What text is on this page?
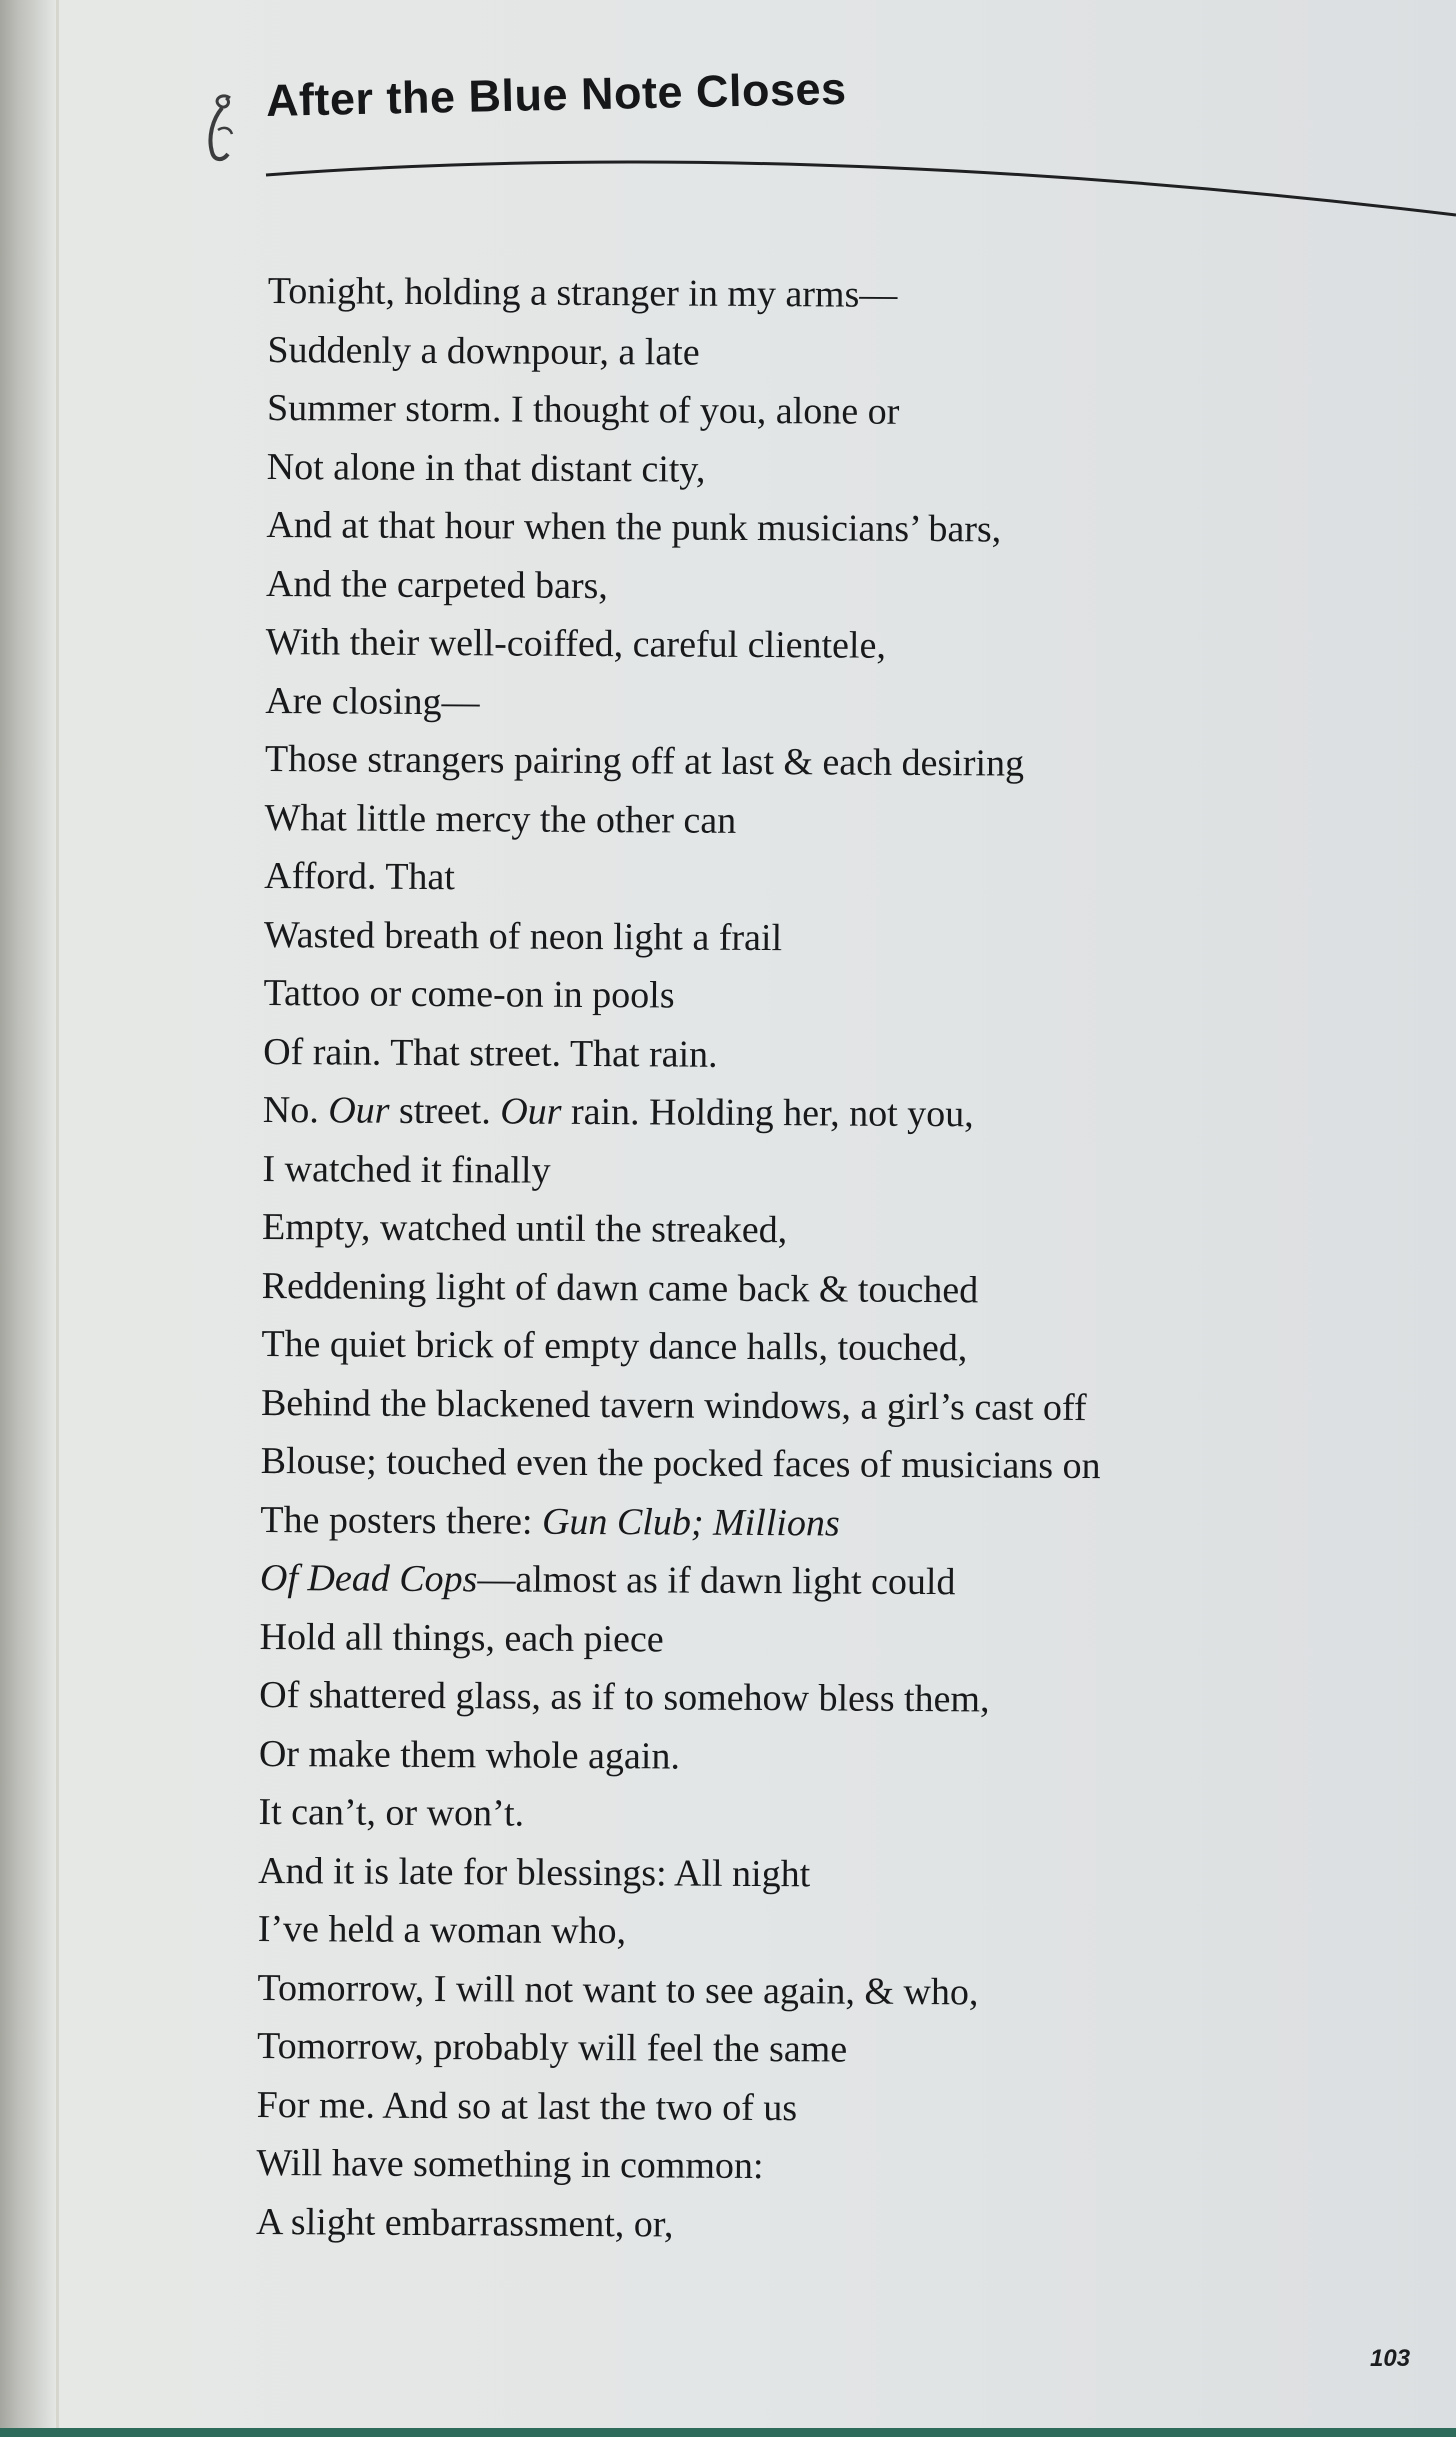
After the Blue Note Closes
Tonight, holding a stranger in my arms—
Suddenly a downpour, a late
Summer storm. I thought of you, alone or
Not alone in that distant city,
And at that hour when the punk musicians’ bars,
And the carpeted bars,
With their well-coiffed, careful clientele,
Are closing—
Those strangers pairing off at last & each desiring
What little mercy the other can
Afford. That
Wasted breath of neon light a frail
Tattoo or come-on in pools
Of rain. That street. That rain.
No. Our street. Our rain. Holding her, not you,
I watched it finally
Empty, watched until the streaked,
Reddening light of dawn came back & touched
The quiet brick of empty dance halls, touched,
Behind the blackened tavern windows, a girl’s cast off
Blouse; touched even the pocked faces of musicians on
The posters there: Gun Club; Millions
Of Dead Cops—almost as if dawn light could
Hold all things, each piece
Of shattered glass, as if to somehow bless them,
Or make them whole again.
It can’t, or won’t.
And it is late for blessings: All night
I’ve held a woman who,
Tomorrow, I will not want to see again, & who,
Tomorrow, probably will feel the same
For me. And so at last the two of us
Will have something in common:
A slight embarrassment, or,
103
